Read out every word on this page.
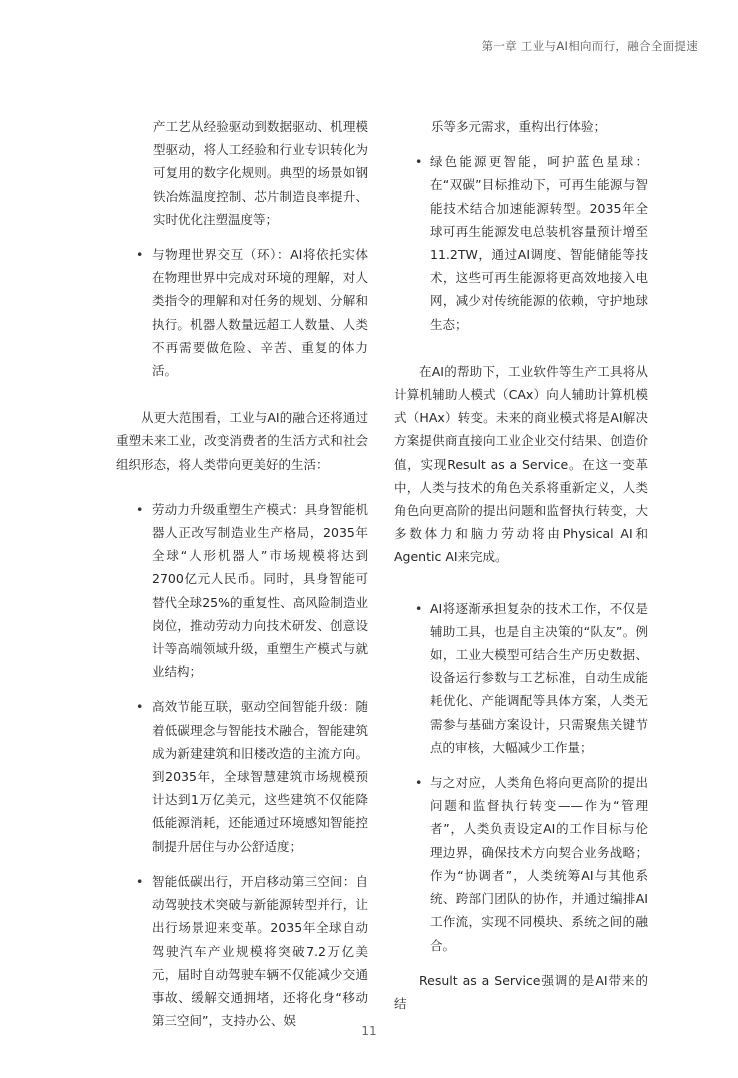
第一章 工业与AI相向而行，融合全面提速
产工艺从经验驱动到数据驱动、机理模型驱动，将人工经验和行业专识转化为可复用的数字化规则。典型的场景如钢铁冶炼温度控制、芯片制造良率提升、实时优化注塑温度等；
• 与物理世界交互（环）：AI将依托实体在物理世界中完成对环境的理解，对人类指令的理解和对任务的规划、分解和执行。机器人数量远超工人数量、人类不再需要做危险、辛苦、重复的体力活。

从更大范围看，工业与AI的融合还将通过重塑未来工业，改变消费者的生活方式和社会组织形态，将人类带向更美好的生活：

• 劳动力升级重塑生产模式：具身智能机器人正改写制造业生产格局，2035年全球“人形机器人”市场规模将达到2700亿元人民币。同时，具身智能可替代全球25%的重复性、高风险制造业岗位，推动劳动力向技术研发、创意设计等高端领域升级，重塑生产模式与就业结构；
• 高效节能互联，驱动空间智能升级：随着低碳理念与智能技术融合，智能建筑成为新建建筑和旧楼改造的主流方向。到2035年，全球智慧建筑市场规模预计达到1万亿美元，这些建筑不仅能降低能源消耗，还能通过环境感知智能控制提升居住与办公舒适度；
• 智能低碳出行，开启移动第三空间：自动驾驶技术突破与新能源转型并行，让出行场景迎来变革。2035年全球自动驾驶汽车产业规模将突破7.2万亿美元，届时自动驾驶车辆不仅能减少交通事故、缓解交通拥堵，还将化身“移动第三空间”，支持办公、娱
乐等多元需求，重构出行体验；
• 绿色能源更智能，呵护蓝色星球：在“双碳”目标推动下，可再生能源与智能技术结合加速能源转型。2035年全球可再生能源发电总装机容量预计增至11.2TW，通过AI调度、智能储能等技术，这些可再生能源将更高效地接入电网，减少对传统能源的依赖，守护地球生态；

在AI的帮助下，工业软件等生产工具将从计算机辅助人模式（CAx）向人辅助计算机模式（HAx）转变。未来的商业模式将是AI解决方案提供商直接向工业企业交付结果、创造价值，实现Result as a Service。在这一变革中，人类与技术的角色关系将重新定义，人类角色向更高阶的提出问题和监督执行转变，大多数体力和脑力劳动将由Physical AI和Agentic AI来完成。

• AI将逐渐承担复杂的技术工作，不仅是辅助工具，也是自主决策的“队友”。例如，工业大模型可结合生产历史数据、设备运行参数与工艺标准，自动生成能耗优化、产能调配等具体方案，人类无需参与基础方案设计，只需聚焦关键节点的审核，大幅减少工作量；
• 与之对应，人类角色将向更高阶的提出问题和监督执行转变——作为“管理者”，人类负责设定AI的工作目标与伦理边界，确保技术方向契合业务战略；作为“协调者”，人类统筹AI与其他系统、跨部门团队的协作，并通过编排AI工作流，实现不同模块、系统之间的融合。

Result as a Service强调的是AI带来的结

11
